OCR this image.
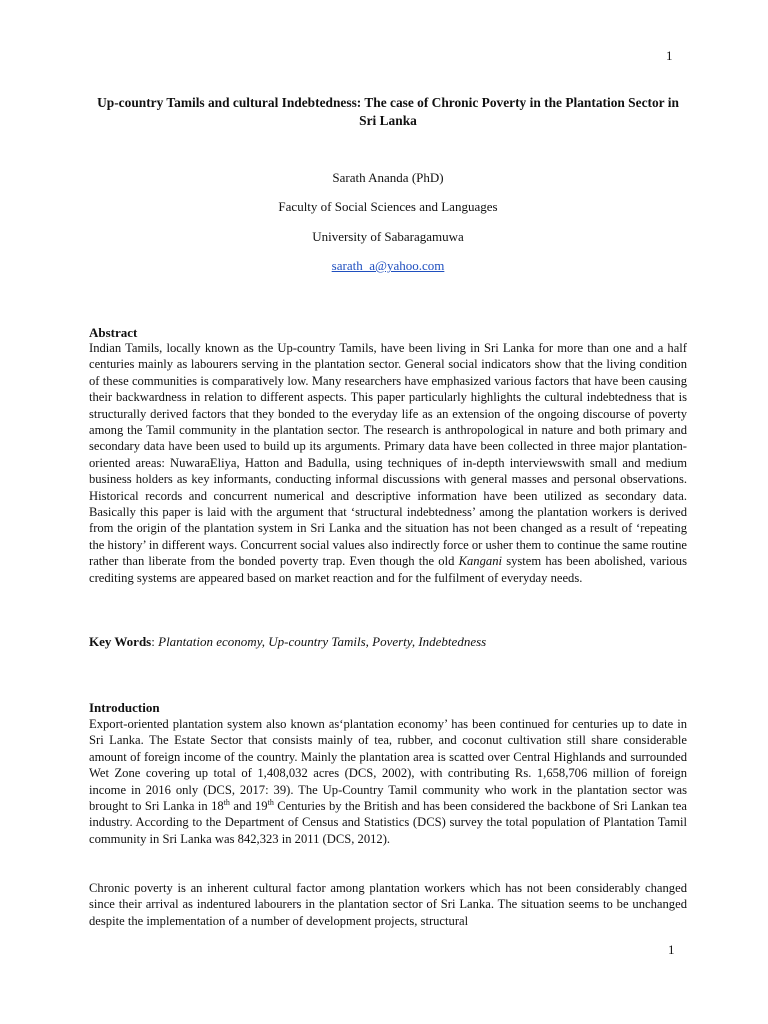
1
Up-country Tamils and cultural Indebtedness: The case of Chronic Poverty in the Plantation Sector in Sri Lanka
Sarath Ananda (PhD)
Faculty of Social Sciences and Languages
University of Sabaragamuwa
sarath_a@yahoo.com
Abstract

Indian Tamils, locally known as the Up-country Tamils, have been living in Sri Lanka for more than one and a half centuries mainly as labourers serving in the plantation sector. General social indicators show that the living condition of these communities is comparatively low. Many researchers have emphasized various factors that have been causing their backwardness in relation to different aspects. This paper particularly highlights the cultural indebtedness that is structurally derived factors that they bonded to the everyday life as an extension of the ongoing discourse of poverty among the Tamil community in the plantation sector. The research is anthropological in nature and both primary and secondary data have been used to build up its arguments. Primary data have been collected in three major plantation-oriented areas: NuwaraEliya, Hatton and Badulla, using techniques of in-depth interviewswith small and medium business holders as key informants, conducting informal discussions with general masses and personal observations. Historical records and concurrent numerical and descriptive information have been utilized as secondary data. Basically this paper is laid with the argument that ‘structural indebtedness’ among the plantation workers is derived from the origin of the plantation system in Sri Lanka and the situation has not been changed as a result of ‘repeating the history’ in different ways. Concurrent social values also indirectly force or usher them to continue the same routine rather than liberate from the bonded poverty trap. Even though the old Kangani system has been abolished, various crediting systems are appeared based on market reaction and for the fulfilment of everyday needs.

Key Words: Plantation economy, Up-country Tamils, Poverty, Indebtedness
Introduction

Export-oriented plantation system also known as‘plantation economy’ has been continued for centuries up to date in Sri Lanka. The Estate Sector that consists mainly of tea, rubber, and coconut cultivation still share considerable amount of foreign income of the country. Mainly the plantation area is scatted over Central Highlands and surrounded Wet Zone covering up total of 1,408,032 acres (DCS, 2002), with contributing Rs. 1,658,706 million of foreign income in 2016 only (DCS, 2017: 39). The Up-Country Tamil community who work in the plantation sector was brought to Sri Lanka in 18th and 19th Centuries by the British and has been considered the backbone of Sri Lankan tea industry. According to the Department of Census and Statistics (DCS) survey the total population of Plantation Tamil community in Sri Lanka was 842,323 in 2011 (DCS, 2012).

Chronic poverty is an inherent cultural factor among plantation workers which has not been considerably changed since their arrival as indentured labourers in the plantation sector of Sri Lanka. The situation seems to be unchanged despite the implementation of a number of development projects, structural

1
